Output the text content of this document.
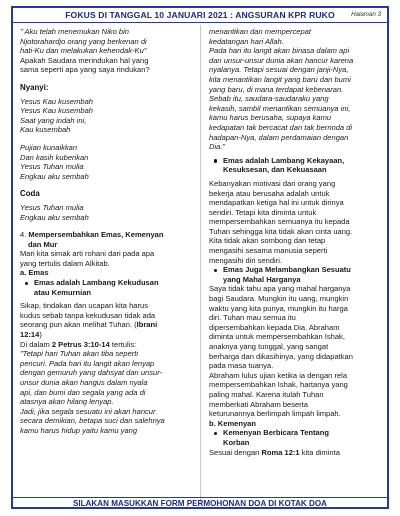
FOKUS DI TANGGAL 10 JANUARI 2021 : ANGSURAN KPR RUKO	Halaman 3

" Aku telah menemukan Niko bin

Njotorahardjo orang yang berkenan di

hati-Ku dan melakukan kehendak-Ku"

Apakah Saudara merindukan hal yang

sama seperti apa yang saya rindukan?

Nyanyi:

Yesus Kau kusembah

Yesus Kau kusembah

Saat yang indah ini,

Kau kusembah

Pujian kunaikkan

Dan kasih kuberikan

Yesus Tuhan mulia

Engkau aku sembah

Coda

Yesus Tuhan mulia

Engkau aku sembah

4. Mempersembahkan Emas, Kemenyan

dan Mur

Mari kita simak arti rohani dari pada apa

yang tertulis dalam Alkitab.

a. Emas

Emas adalah Lambang Kekudusan

atau Kemurnian

Sikap, tindakan dan ucapan kita harus

kudus sebab tanpa kekudusan tidak ada

seorang pun akan melihat Tuhan. (Ibrani

12:14)

Di dalam 2 Petrus 3:10-14 tertulis:

"Tetapi hari Tuhan akan tiba seperti

pencuri. Pada hari itu langit akan lenyap

dengan gemuruh yang dahsyat dan unsur-

unsur dunia akan hangus dalam nyala

api, dan bumi dan segala yang ada di

atasnya akan hilang lenyap.

Jadi, jika segala sesuatu ini akan hancur

secara demikian, betapa suci dan salehnya

kamu harus hidup yaitu kamu yang

menantikan dan mempercepat

kedatangan hari Allah.

Pada hari itu langit akan binasa dalam api

dan unsur-unsur dunia akan hancur karena

nyalanya. Tetapi sesuai dengan janji-Nya,

kita menantikan langit yang baru dan bumi

yang baru, di mana terdapat kebenaran.

Sebab itu, saudara-saudaraku yang

kekasih, sambil menantikan semuanya ini,

kamu harus berusaha, supaya kamu

kedapatan tak bercacat dan tak bernoda di

hadapan-Nya, dalam perdamaian dengan

Dia."

Emas adalah Lambang Kekayaan,

Kesuksesan, dan Kekuasaan

Kebanyakan motivasi dari orang yang

bekerja atau berusaha adalah untuk

mendapatkan ketiga hal ini untuk dirinya

sendiri. Tetapi kita diminta untuk

mempersembahkan semuanya itu kepada

Tuhan sehingga kita tidak akan cinta uang.

Kita tidak akan sombong dan tetap

mengasihi sesama manusia seperti

mengasihi diri sendiri.

Emas Juga Melambangkan Sesuatu

yang Mahal Harganya

Saya tidak tahu apa yang mahal harganya

bagi Saudara. Mungkin itu uang, mungkin

waktu yang kita punya, mungkin itu harga

diri. Tuhan mau semua itu

dipersembahkan kepada Dia. Abraham

diminta untuk mempersembahkan Ishak,

anaknya yang tunggal, yang sangat

berharga dan dikasihinya, yang didapatkan

pada masa tuanya.

Abraham lulus ujian ketika ia dengan rela

mempersembahkan Ishak, hartanya yang

paling mahal. Karena itulah Tuhan

memberkati Abraham beserta

keturunannya berlimpah limpah limpah.

b. Kemenyan

Kemenyan Berbicara Tentang

Korban

Sesuai dengan Roma 12:1 kita diminta

SILAKAN MASUKKAN FORM PERMOHONAN DOA DI KOTAK DOA
